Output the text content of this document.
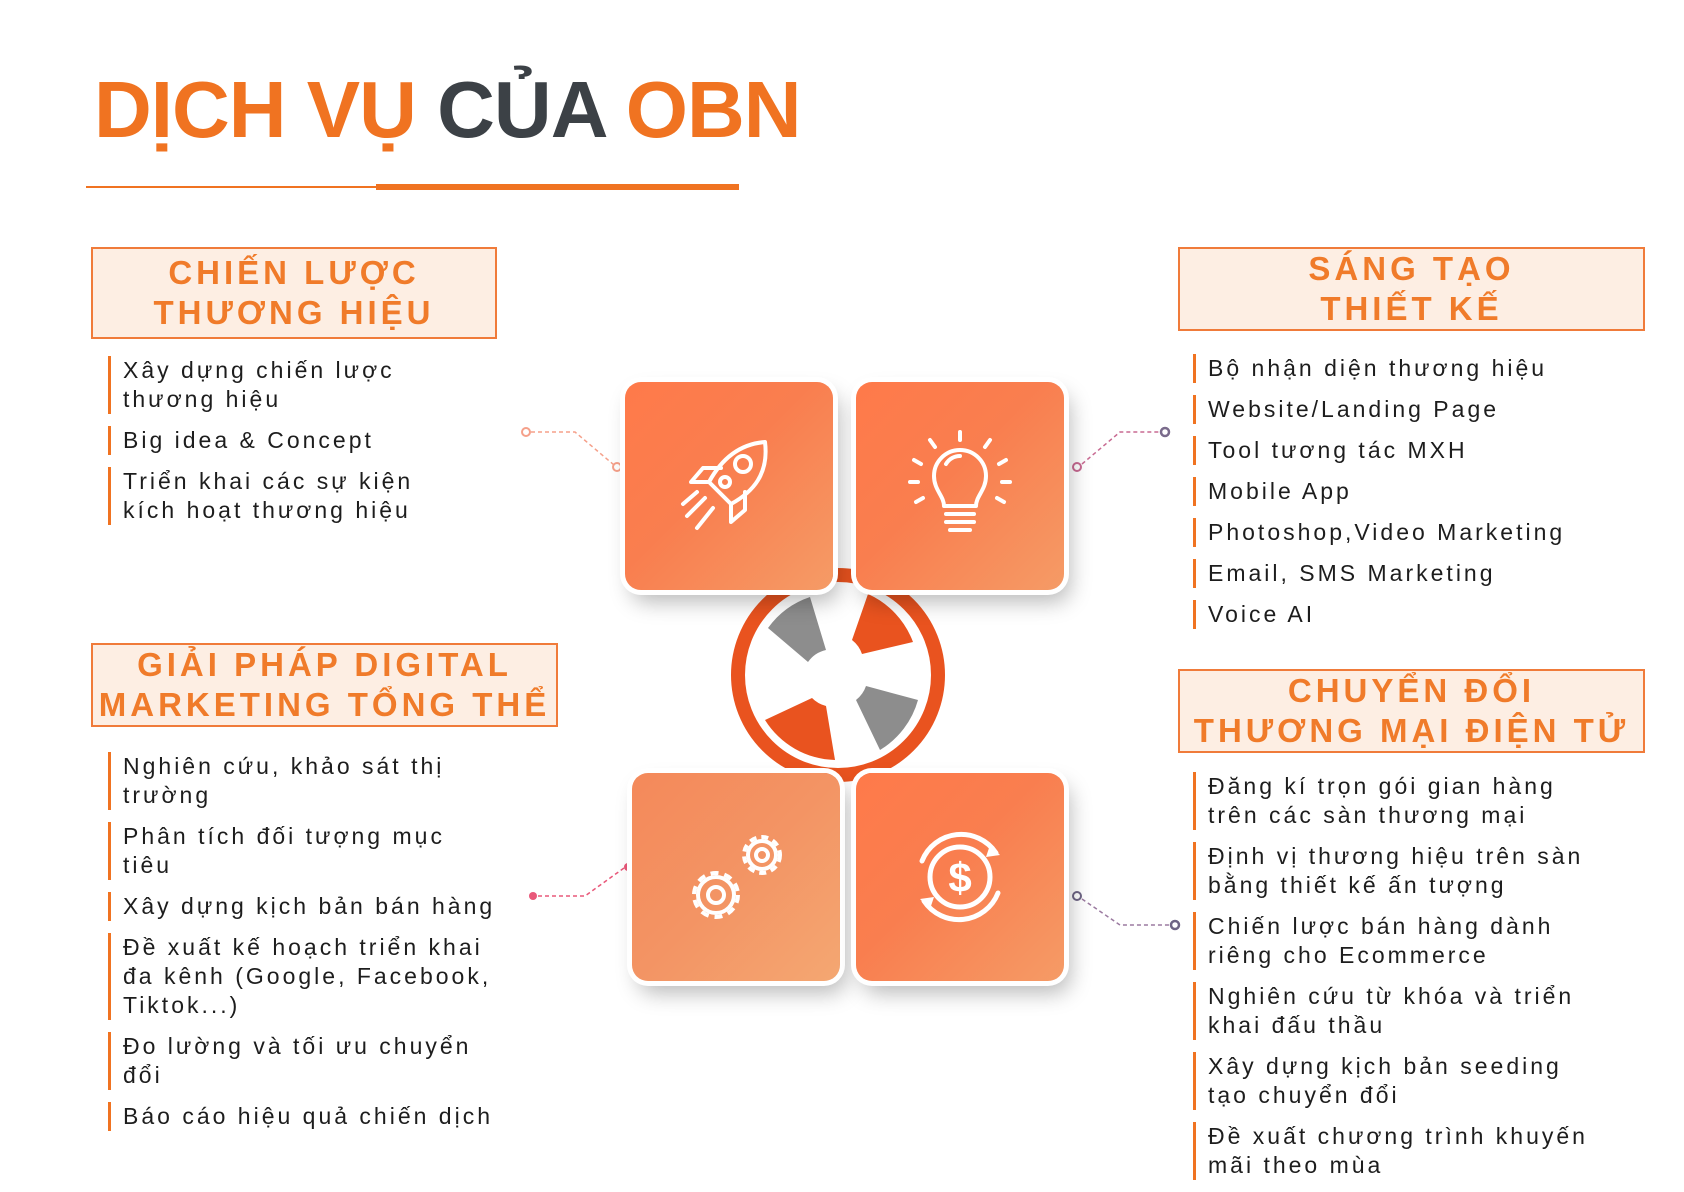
DỊCH VỤ CỦA OBN
CHIẾN LƯỢC
THƯƠNG HIỆU
SÁNG TẠO
THIẾT KẾ
GIẢI PHÁP DIGITAL
MARKETING TỔNG THỂ	CHUYỂN ĐỔI
THƯƠNG MẠI ĐIỆN TỬ
Xây dựng chiến lược
thương hiệu
Big idea & Concept
Triển khai các sự kiện
kích hoạt thương hiệu
Bộ nhận diện thương hiệu
Website/Landing Page
Tool tương tác MXH
Mobile App
Photoshop,Video Marketing
Email, SMS Marketing
Voice AI
Nghiên cứu, khảo sát thị
trường
Phân tích đối tượng mục
tiêu
Xây dựng kịch bản bán hàng
Đề xuất kế hoạch triển khai
đa kênh (Google, Facebook,
Tiktok...)
Đo lường và tối ưu chuyển
đổi
Báo cáo hiệu quả chiến dịch
Đăng kí trọn gói gian hàng
trên các sàn thương mại
Định vị thương hiệu trên sàn
bằng thiết kế ấn tượng
Chiến lược bán hàng dành
riêng cho Ecommerce
Nghiên cứu từ khóa và triển
khai đấu thầu
Xây dựng kịch bản seeding
tạo chuyển đổi
Đề xuất chương trình khuyến
mãi theo mùa
$
